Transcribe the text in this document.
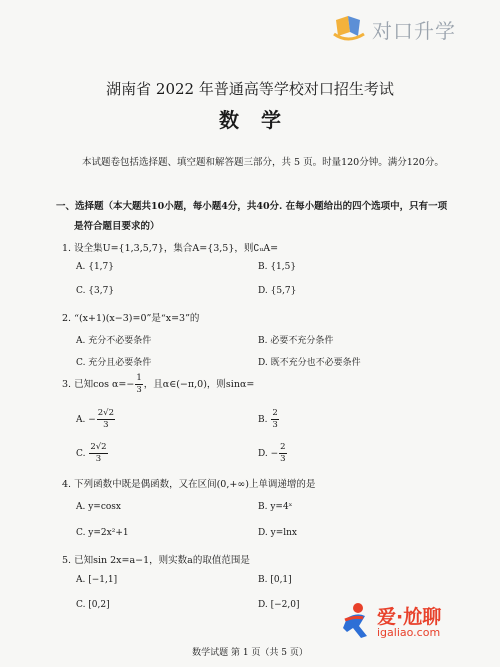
对口升学
湖南省 2022 年普通高等学校对口招生考试
数学
本试题卷包括选择题、填空题和解答题三部分，共 5 页。时量120分钟。满分120分。
一、选择题（本大题共10小题，每小题4分，共40分. 在每小题给出的四个选项中，只有一项
是符合题目要求的）
1. 设全集U={1,3,5,7}，集合A={3,5}，则∁ᵤA=
A. {1,7}	B. {1,5}
C. {3,7}	D. {5,7}
2. “(x+1)(x−3)=0”是“x=3”的
A. 充分不必要条件	B. 必要不充分条件
C. 充分且必要条件	D. 既不充分也不必要条件
3. 已知$\cos \alpha=- \frac{1}{3}$ ，且α∈(−π,0)，则sinα=
A. − $\frac{2√2}{3}$	B. $\frac{2}{3}$
C. $\frac{2√2}{3}$	D. − $\frac{2}{3}$
4. 下列函数中既是偶函数，又在区间(0,+∞)上单调递增的是
A. y=cosx	B. y=4ˣ
C. y=2x²+1	D. y=lnx
5. 已知sin 2x=a−1，则实数a的取值范围是
A. [−1,1]	B. [0,1]
C. [0,2]	D. [−2,0]
爱·尬聊
igaliao.com
数学试题 第 1 页（共 5 页）
